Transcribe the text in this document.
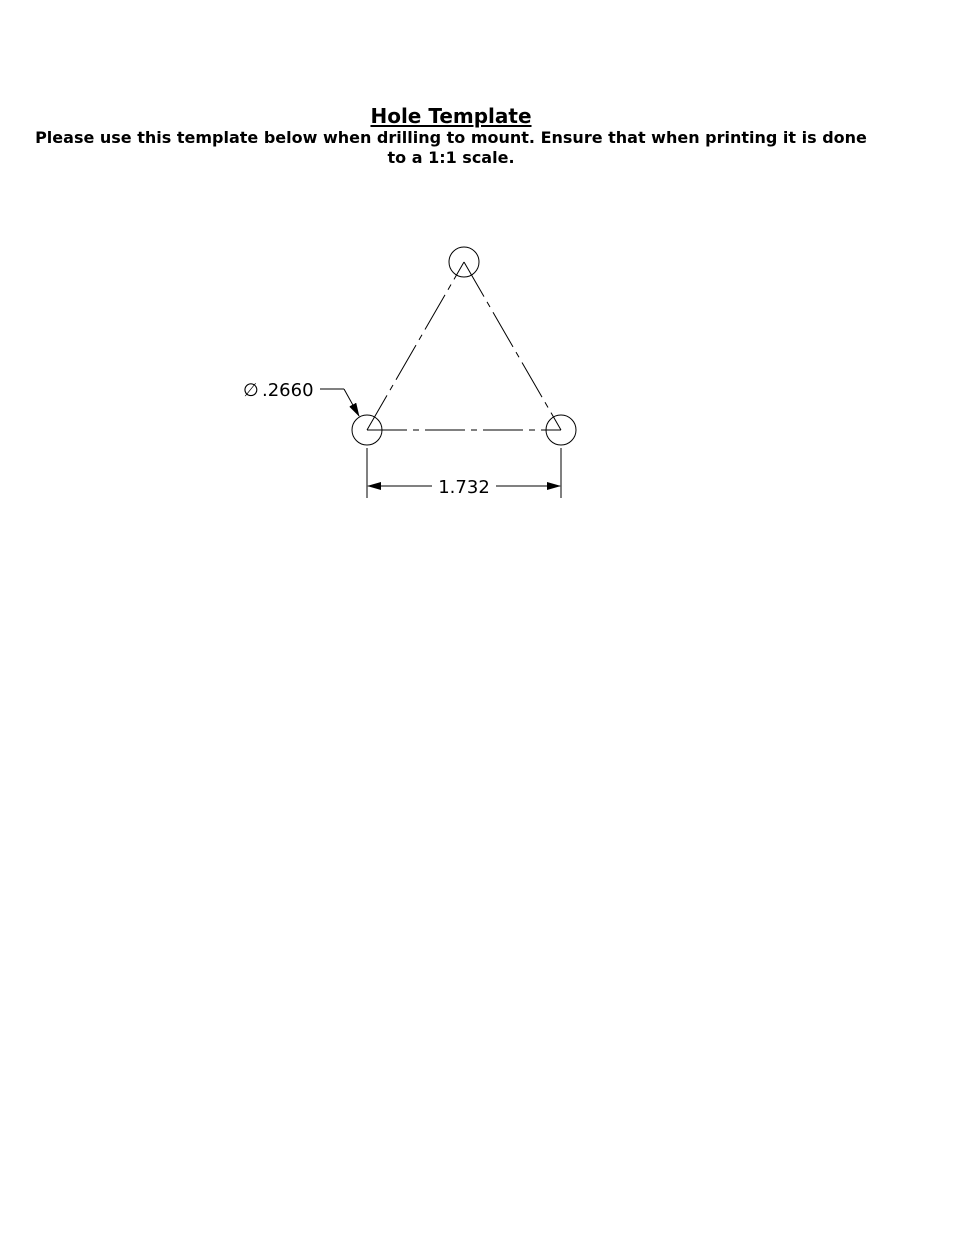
Hole Template

Please use this template below when drilling to mount. Ensure that when printing it is done to a 1:1 scale.

∅ .2660
1.732
